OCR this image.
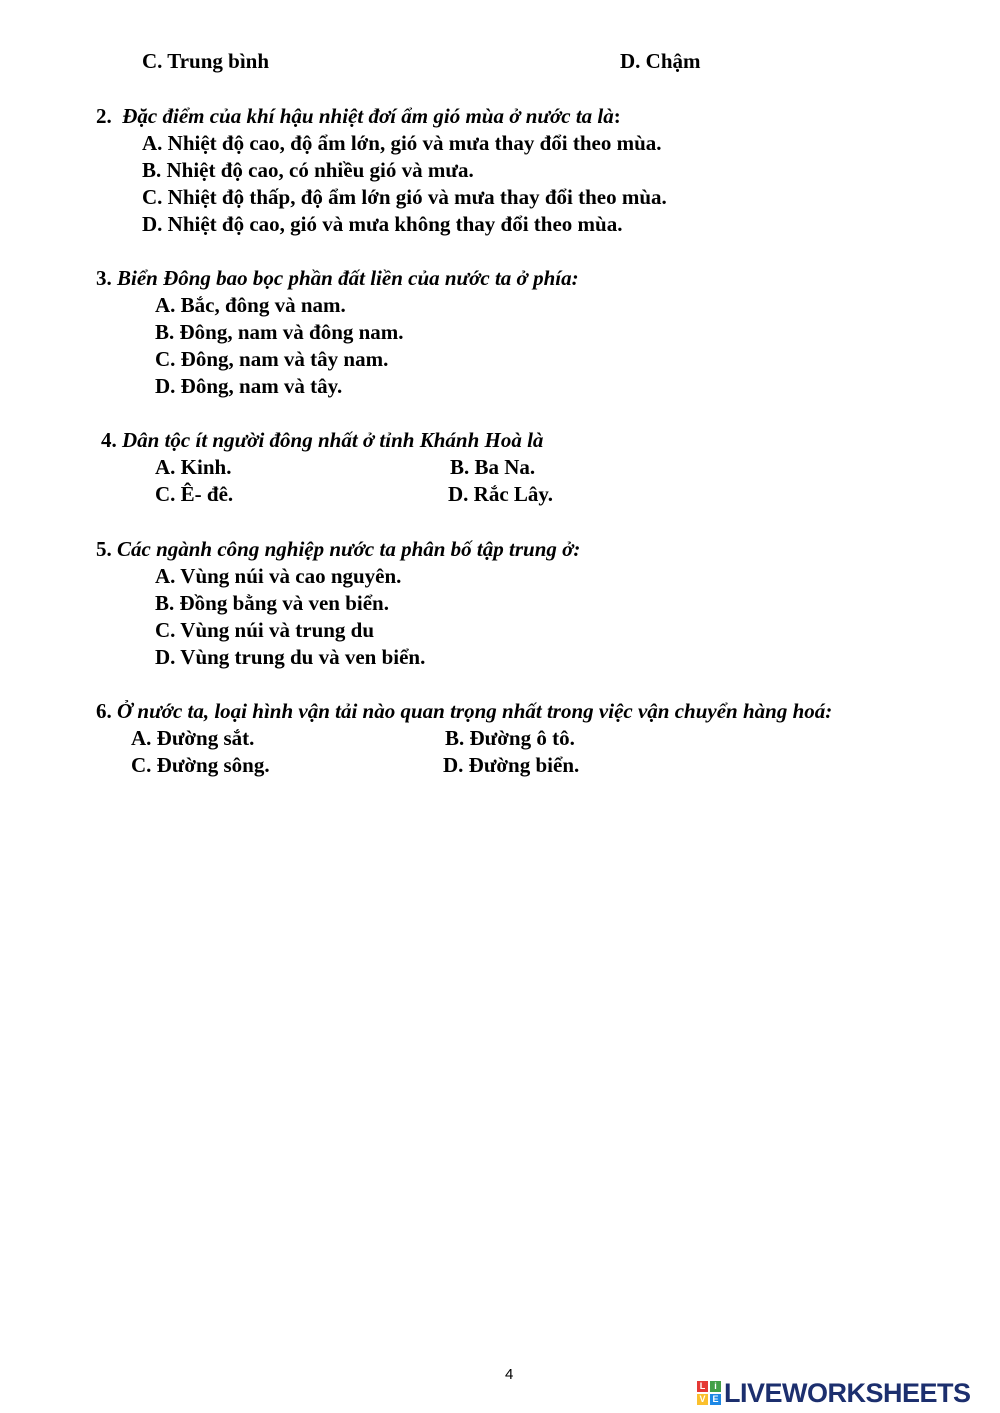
C. Trung bình	D. Chậm
2. Đặc điểm của khí hậu nhiệt đơí ẩm gió mùa ở nước ta là:
A. Nhiệt độ cao, độ ẩm lớn, gió và mưa thay đổi theo mùa.
B. Nhiệt độ cao, có nhiều gió và mưa.
C. Nhiệt độ thấp, độ ẩm lớn gió và mưa thay đổi theo mùa.
D. Nhiệt độ cao, gió và mưa không thay đổi theo mùa.
3. Biển Đông bao bọc phần đất liền của nước ta ở phía:
A. Bắc, đông và nam.
B. Đông, nam và đông nam.
C. Đông, nam và tây nam.
D. Đông, nam và tây.
4. Dân tộc ít người đông nhất ở tỉnh Khánh Hoà là
A. Kinh.	B. Ba Na.
C. Ê- đê.	D. Rắc Lây.
5. Các ngành công nghiệp nước ta phân bố tập trung ở:
A. Vùng núi và cao nguyên.
B. Đồng bằng và ven biển.
C. Vùng núi và trung du
D. Vùng trung du và ven biển.
6. Ở nước ta, loại hình vận tải nào quan trọng nhất trong việc vận chuyển hàng hoá:
A. Đường sắt.	B. Đường ô tô.
C. Đường sông.	D. Đường biển.
4
L i
V E LIVEWORKSHEETS
